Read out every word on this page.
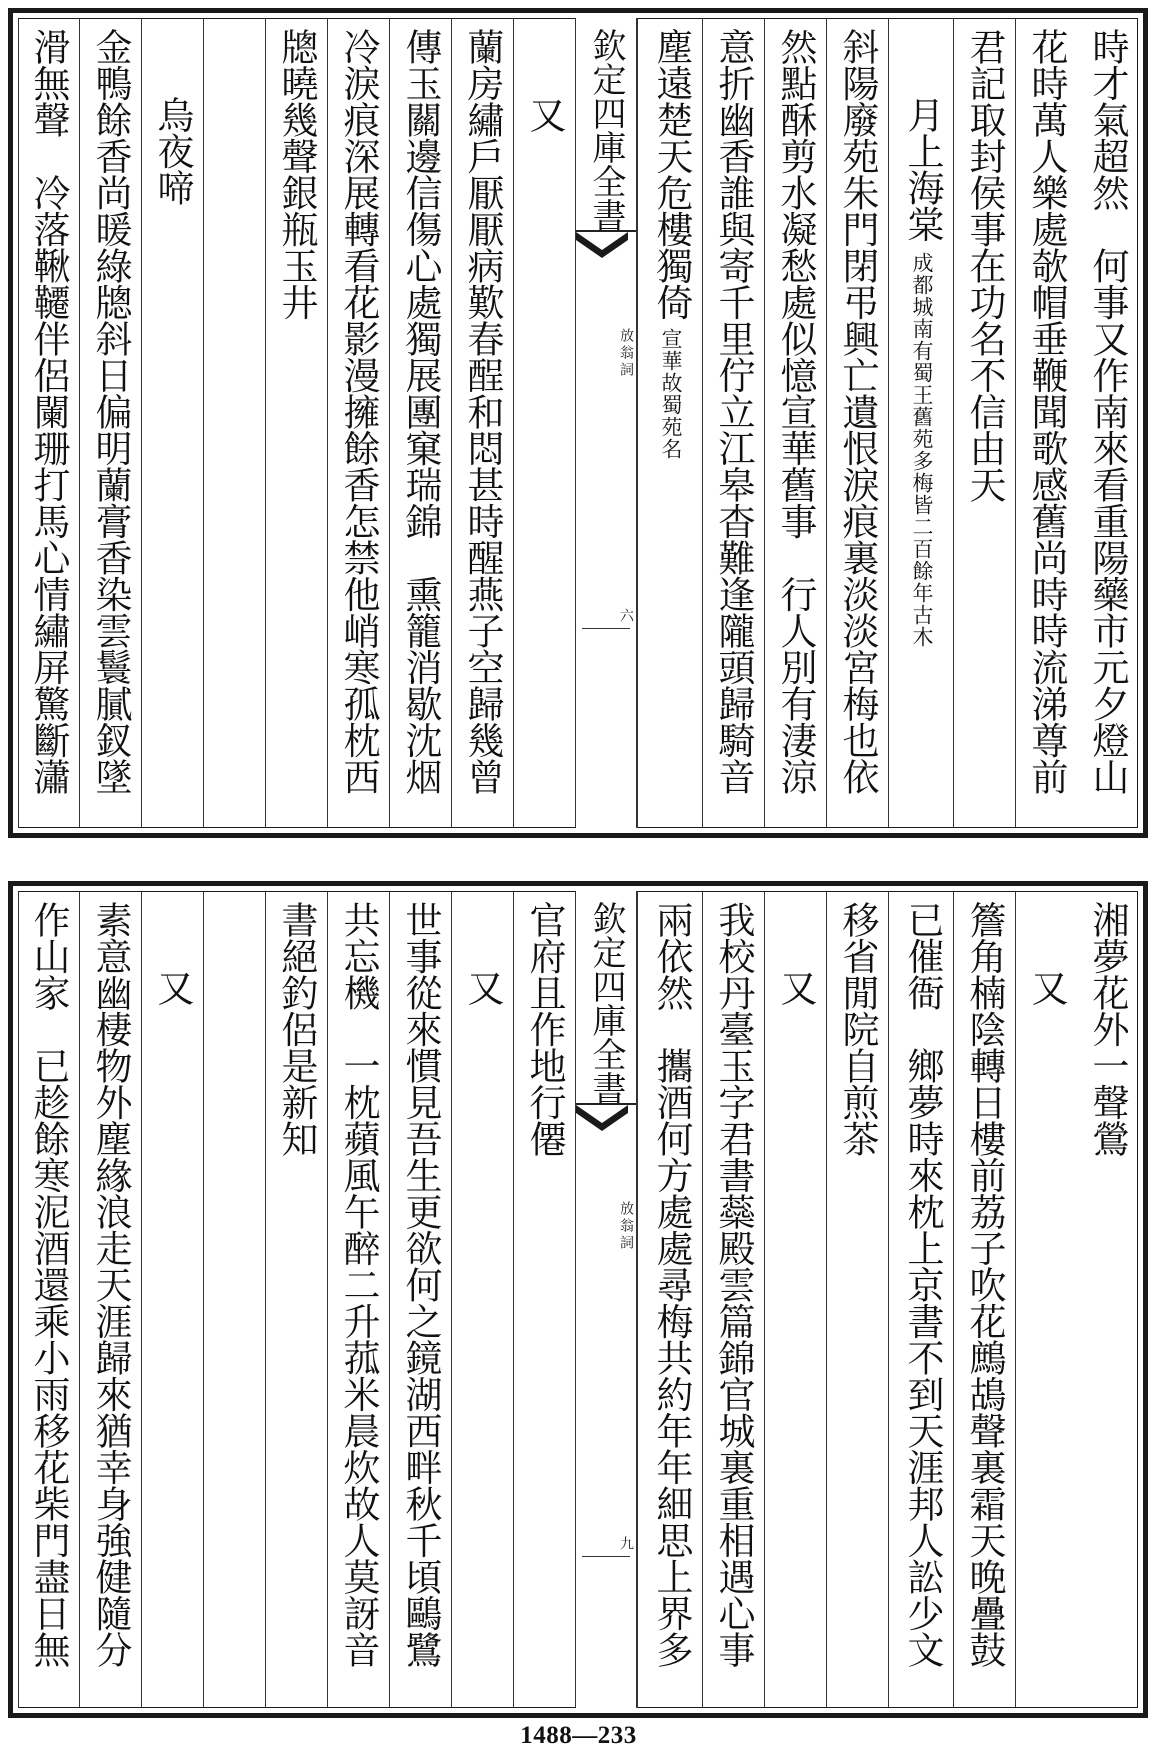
時才氣超然　何事又作南來看重陽藥市元夕燈山
花時萬人樂處欹帽垂鞭聞歌感舊尚時時流涕尊前
君記取封侯事在功名不信由天
月上海棠
成都城南有蜀王舊苑
多梅皆二百餘年古木
斜陽廢苑朱門閉弔興亡遺恨淚痕裏淡淡宮梅也依
然點酥剪水凝愁處似憶宣華舊事　行人別有淒涼
意折幽香誰與寄千里佇立江皋杳難逢隴頭歸騎音
塵遠楚天危樓獨倚
宣華故
蜀苑名
欽定四庫全書
放翁詞
六
又
蘭房繡戶厭厭病歎春酲和悶甚時醒燕子空歸幾曾
傳玉關邊信傷心處獨展團窠瑞錦　熏籠消歇沈烟
冷淚痕深展轉看花影漫擁餘香怎禁他峭寒孤枕西
牕曉幾聲銀瓶玉井
烏夜啼
金鴨餘香尚暖綠牕斜日偏明蘭膏香染雲鬟膩釵墜
滑無聲　冷落鞦韆伴侶闌珊打馬心情繡屏驚斷瀟
湘夢花外一聲鶯
又
簷角楠陰轉日樓前荔子吹花鷓鴣聲裏霜天晚疊鼓
已催衙　鄉夢時來枕上京書不到天涯邦人訟少文
移省閒院自煎茶
又
我校丹臺玉字君書蘂殿雲篇錦官城裏重相遇心事
兩依然　攜酒何方處處尋梅共約年年細思上界多
欽定四庫全書
放翁詞
九
官府且作地行僊
又
世事從來慣見吾生更欲何之鏡湖西畔秋千頃鷗鷺
共忘機　一枕蘋風午醉二升菰米晨炊故人莫訝音
書絕釣侶是新知
又
素意幽棲物外塵緣浪走天涯歸來猶幸身強健隨分
作山家　已趁餘寒泥酒還乘小雨移花柴門盡日無
1488—233
